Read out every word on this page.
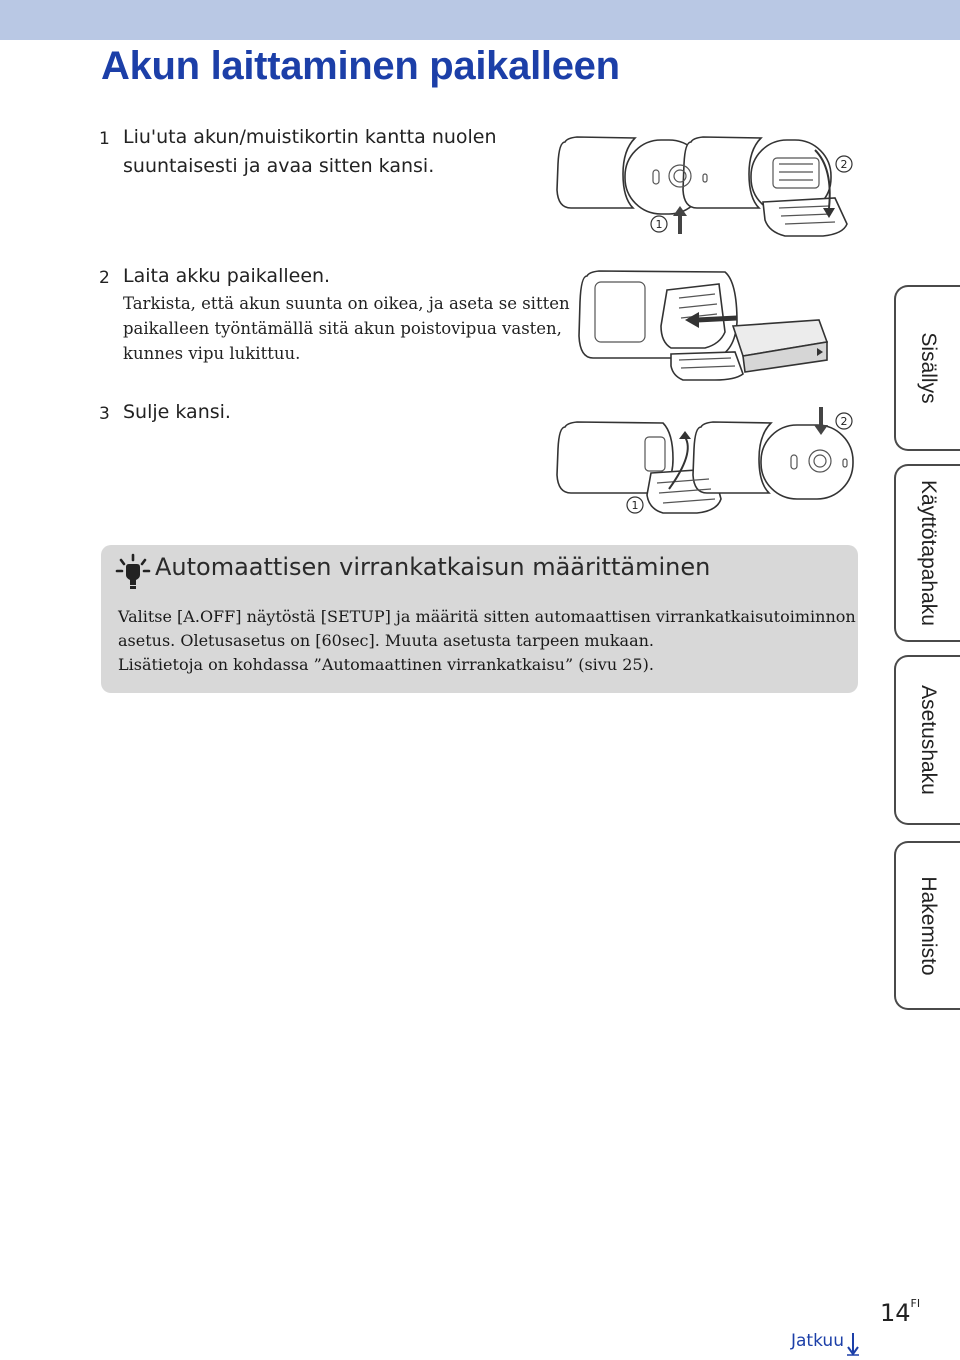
Akun laittaminen paikalleen
1 Liu'uta akun/muistikortin kantta nuolen
suuntaisesti ja avaa sitten kansi.
2 Laita akku paikalleen.
Tarkista, että akun suunta on oikea, ja aseta se sitten
paikalleen työntämällä sitä akun poistovipua vasten,
kunnes vipu lukittuu.
3 Sulje kansi.
1
2
1
2
Automaattisen virrankatkaisun määrittäminen
Valitse [A.OFF] näytöstä [SETUP] ja määritä sitten automaattisen virrankatkaisutoiminnon
asetus. Oletusasetus on [60sec]. Muuta asetusta tarpeen mukaan.
Lisätietoja on kohdassa ”Automaattinen virrankatkaisu” (sivu 25).
Sisällys
Käyttötapahaku
Asetushaku
Hakemisto
$14^{FI}$
Jatkuu
